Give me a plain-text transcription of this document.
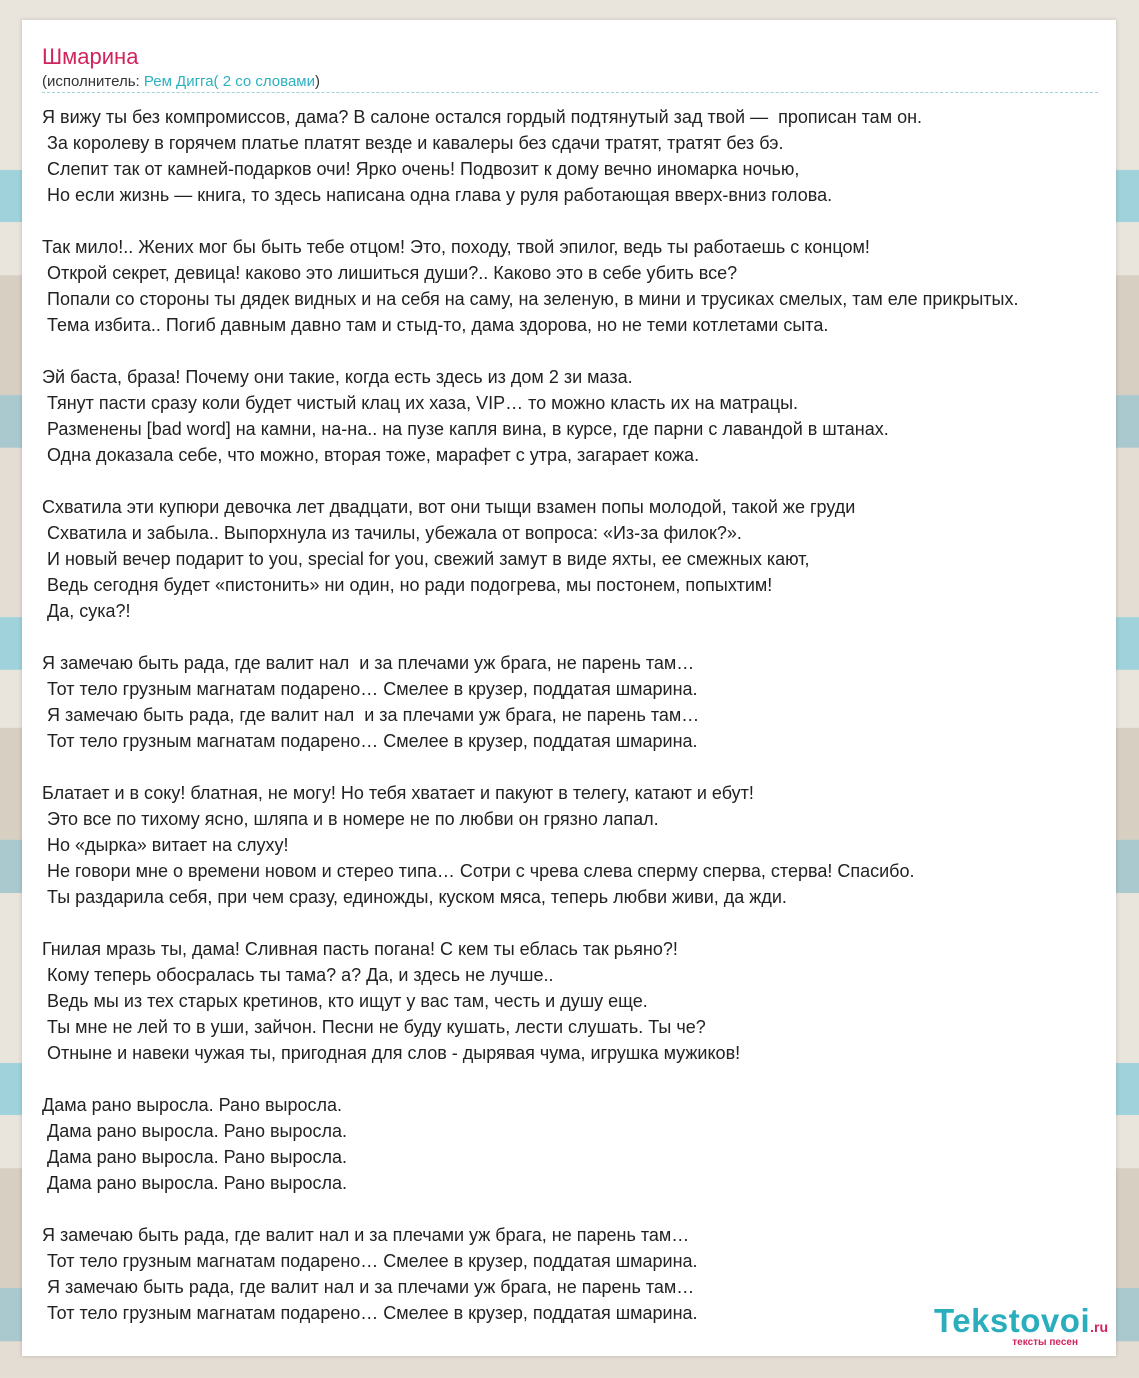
Шмарина
(исполнитель: Рем Дигга( 2 со словами)
Я вижу ты без компромиссов, дама? В салоне остался гордый подтянутый зад твой —  прописан там он.
За королеву в горячем платье платят везде и кавалеры без сдачи тратят, тратят без бэ.
Слепит так от камней-подарков очи! Ярко очень! Подвозит к дому вечно иномарка ночью,
Но если жизнь — книга, то здесь написана одна глава у руля работающая вверх-вниз голова.
Так мило!.. Жених мог бы быть тебе отцом! Это, походу, твой эпилог, ведь ты работаешь с концом!
Открой секрет, девица! каково это лишиться души?.. Каково это в себе убить все?
Попали со стороны ты дядек видных и на себя на саму, на зеленую, в мини и трусиках смелых, там еле прикрытых.
Тема избита.. Погиб давным давно там и стыд-то, дама здорова, но не теми котлетами сыта.
Эй баста, браза! Почему они такие, когда есть здесь из дом 2 зи маза.
Тянут пасти сразу коли будет чистый клац их хаза, VIP… то можно класть их на матрацы.
Разменены [bad word] на камни, на-на.. на пузе капля вина, в курсе, где парни с лавандой в штанах.
Одна доказала себе, что можно, вторая тоже, марафет с утра, загарает кожа.
Схватила эти купюри девочка лет двадцати, вот они тыщи взамен попы молодой, такой же груди
Схватила и забыла.. Выпорхнула из тачилы, убежала от вопроса: «Из-за филок?».
И новый вечер подарит to you, special for you, свежий замут в виде яхты, ее смежных кают,
Ведь сегодня будет «пистонить» ни один, но ради подогрева, мы постонем, попыхтим!
Да, сука?!
Я замечаю быть рада, где валит нал  и за плечами уж брага, не парень там…
Тот тело грузным магнатам подарено… Смелее в крузер, поддатая шмарина.
Я замечаю быть рада, где валит нал  и за плечами уж брага, не парень там…
Тот тело грузным магнатам подарено… Смелее в крузер, поддатая шмарина.
Блатает и в соку! блатная, не могу! Но тебя хватает и пакуют в телегу, катают и ебут!
Это все по тихому ясно, шляпа и в номере не по любви он грязно лапал.
Но «дырка» витает на слуху!
Не говори мне о времени новом и стерео типа… Сотри с чрева слева сперму сперва, стерва! Спасибо.
Ты раздарила себя, при чем сразу, единожды, куском мяса, теперь любви живи, да жди.
Гнилая мразь ты, дама! Сливная пасть погана! С кем ты еблась так рьяно?!
Кому теперь обосралась ты тама? а? Да, и здесь не лучше..
Ведь мы из тех старых кретинов, кто ищут у вас там, честь и душу еще.
Ты мне не лей то в уши, зайчон. Песни не буду кушать, лести слушать. Ты че?
Отныне и навеки чужая ты, пригодная для слов - дырявая чума, игрушка мужиков!
Дама рано выросла. Рано выросла.
Дама рано выросла. Рано выросла.
Дама рано выросла. Рано выросла.
Дама рано выросла. Рано выросла.
Я замечаю быть рада, где валит нал и за плечами уж брага, не парень там…
Тот тело грузным магнатам подарено… Смелее в крузер, поддатая шмарина.
Я замечаю быть рада, где валит нал и за плечами уж брага, не парень там…
Тот тело грузным магнатам подарено… Смелее в крузер, поддатая шмарина.	Tekstovoi.ru
тексты песен
